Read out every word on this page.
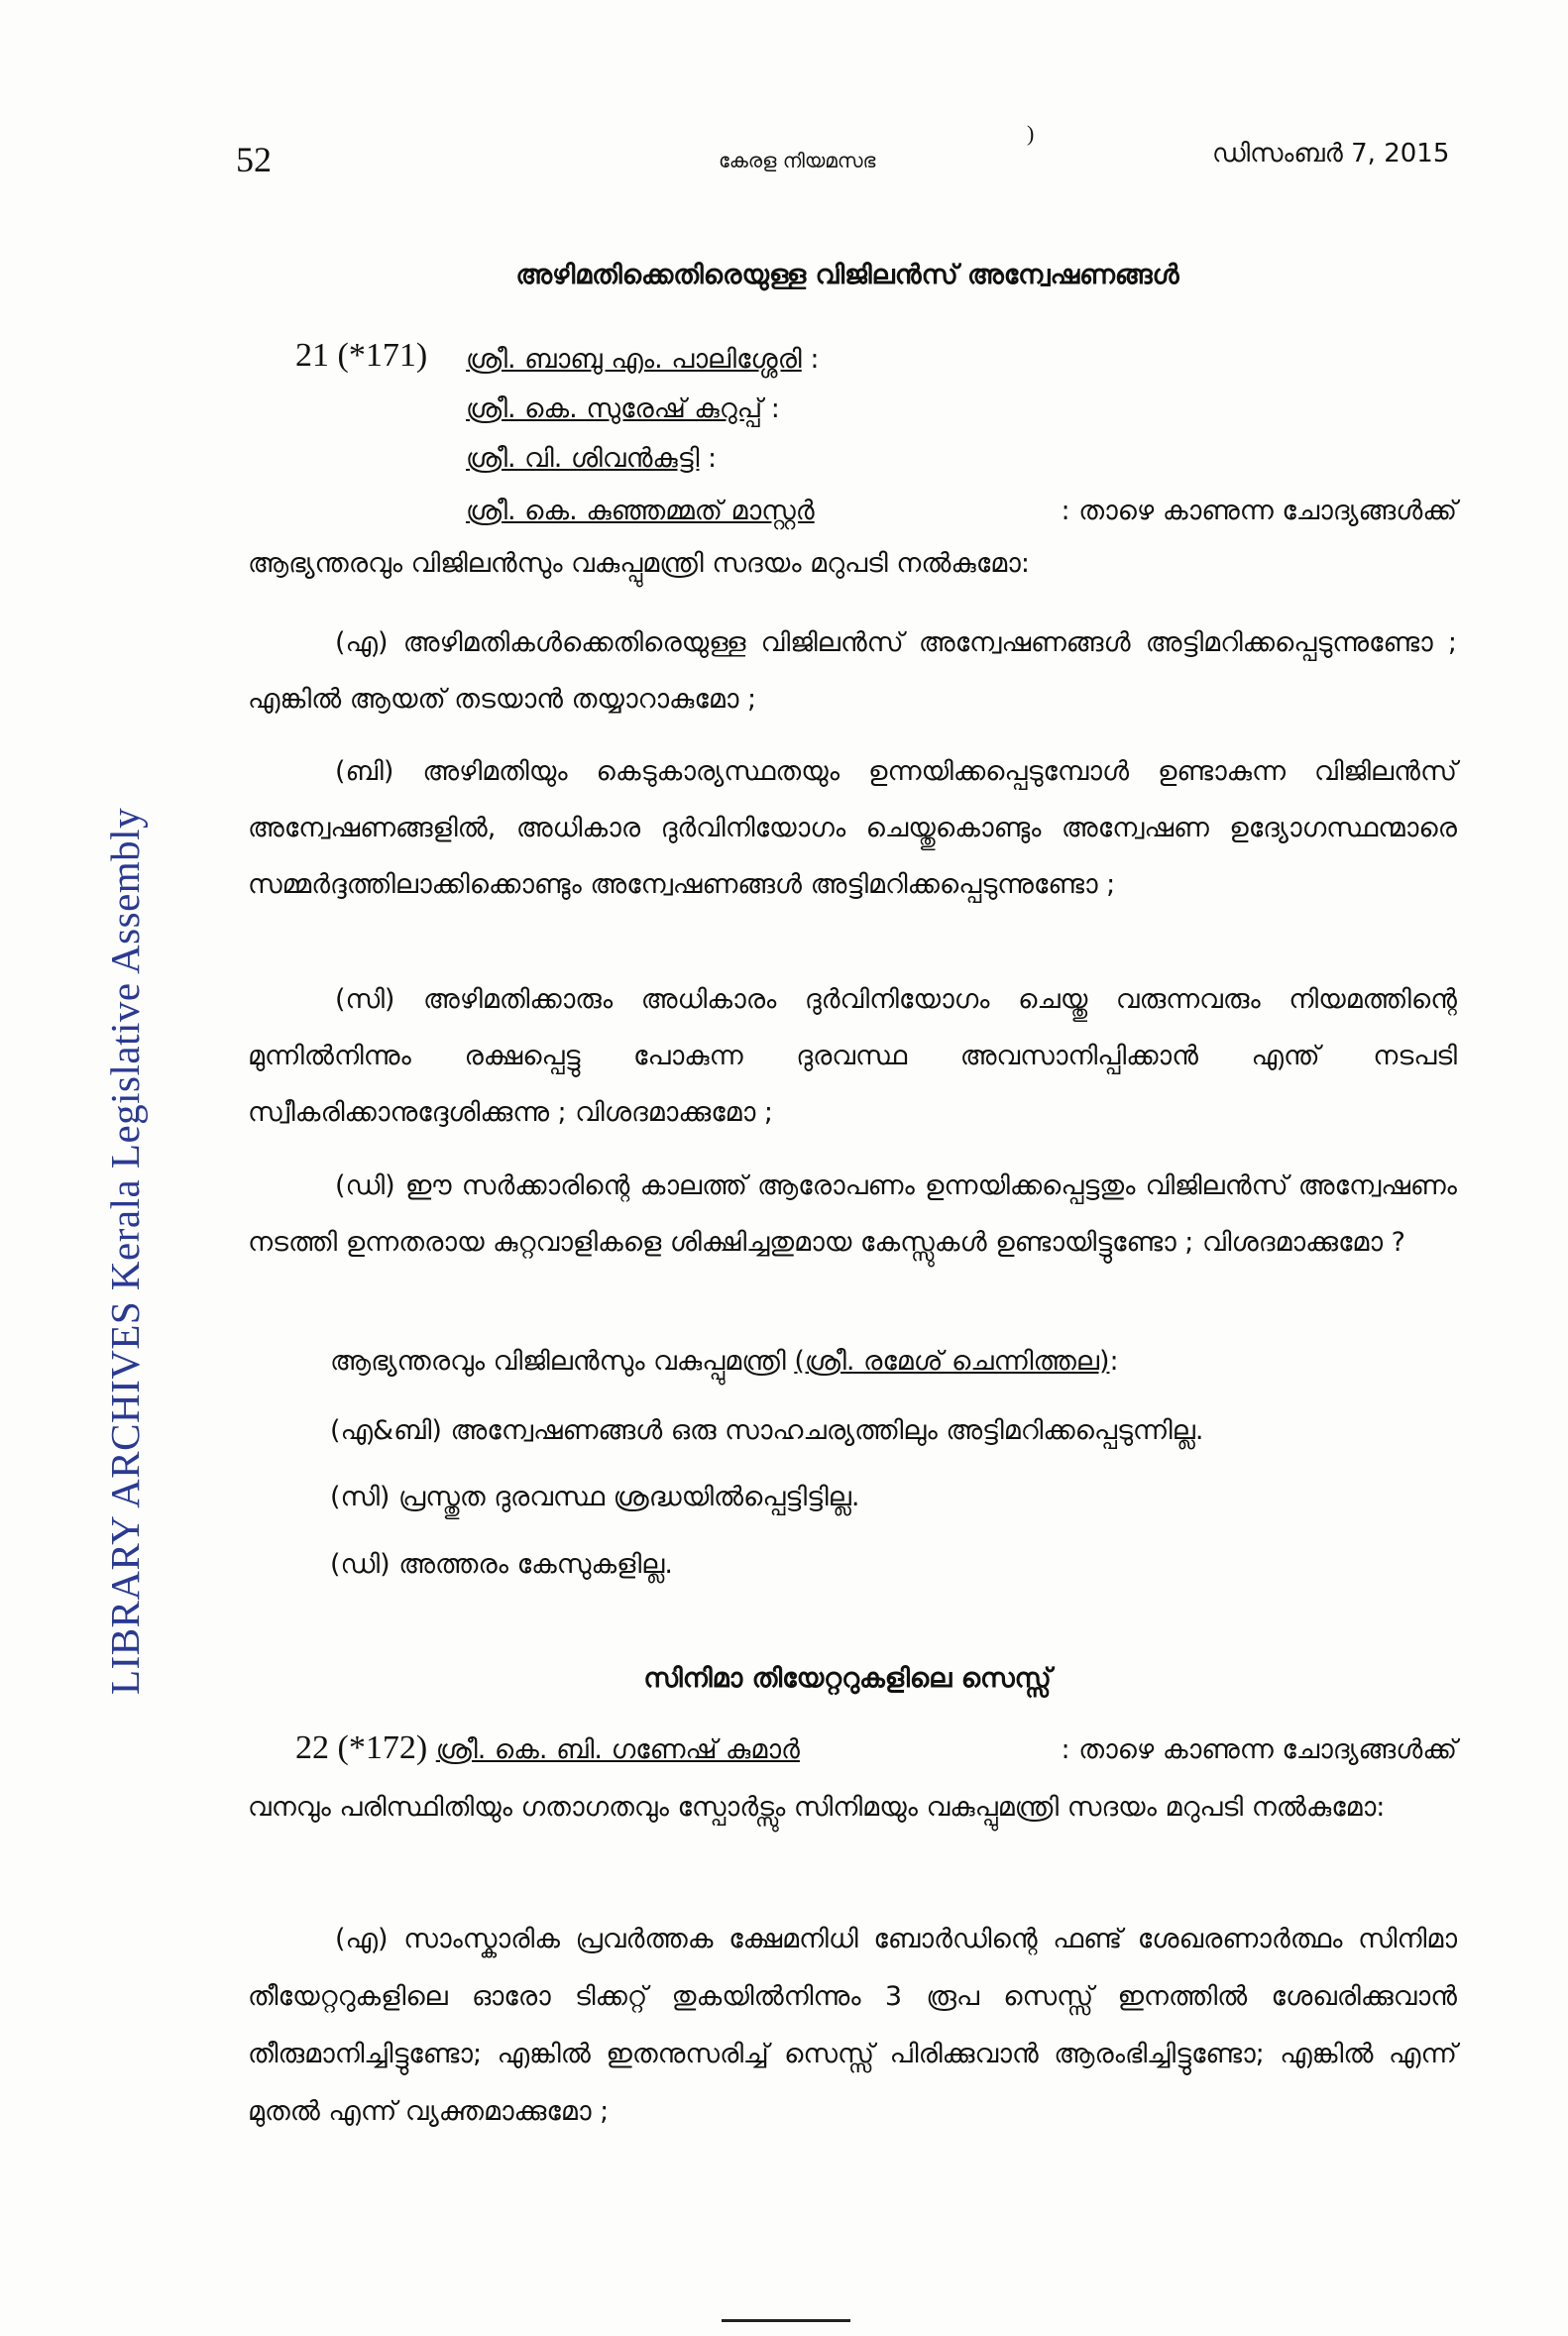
LIBRARY ARCHIVES Kerala Legislative Assembly
52	കേരള നിയമസഭ	ഡിസംബർ 7, 2015
)
അഴിമതിക്കെതിരെയുള്ള വിജിലൻസ് അന്വേഷണങ്ങൾ
21 (*171) ശ്രീ. ബാബു എം. പാലിശ്ശേരി :
ശ്രീ. കെ. സുരേഷ് കുറുപ്പ് :
ശ്രീ. വി. ശിവൻകുട്ടി :
ശ്രീ. കെ. കുഞ്ഞമ്മത് മാസ്റ്റർ	: താഴെ കാണുന്ന ചോദ്യങ്ങൾക്ക്
ആഭ്യന്തരവും വിജിലൻസും വകുപ്പുമന്ത്രി സദയം മറുപടി നൽകുമോ:
(എ) അഴിമതികൾക്കെതിരെയുള്ള വിജിലൻസ് അന്വേഷണങ്ങൾ അട്ടിമറിക്കപ്പെടുന്നുണ്ടോ ; എങ്കിൽ ആയത് തടയാൻ തയ്യാറാകുമോ ;
(ബി) അഴിമതിയും കെടുകാര്യസ്ഥതയും ഉന്നയിക്കപ്പെടുമ്പോൾ ഉണ്ടാകുന്ന വിജിലൻസ് അന്വേഷണങ്ങളിൽ, അധികാര ദുർവിനിയോഗം ചെയ്തുകൊണ്ടും അന്വേഷണ ഉദ്യോഗസ്ഥന്മാരെ സമ്മർദ്ദത്തിലാക്കിക്കൊണ്ടും അന്വേഷണങ്ങൾ അട്ടിമറിക്കപ്പെടുന്നുണ്ടോ ;
(സി) അഴിമതിക്കാരും അധികാരം ദുർവിനിയോഗം ചെയ്തു വരുന്നവരും നിയമത്തിന്റെ മുന്നിൽനിന്നും രക്ഷപ്പെട്ടു പോകുന്ന ദുരവസ്ഥ അവസാനിപ്പിക്കാൻ എന്ത് നടപടി സ്വീകരിക്കാനുദ്ദേശിക്കുന്നു ; വിശദമാക്കുമോ ;
(ഡി) ഈ സർക്കാരിന്റെ കാലത്ത് ആരോപണം ഉന്നയിക്കപ്പെട്ടതും വിജിലൻസ് അന്വേഷണം നടത്തി ഉന്നതരായ കുറ്റവാളികളെ ശിക്ഷിച്ചതുമായ കേസ്സുകൾ ഉണ്ടായിട്ടുണ്ടോ ; വിശദമാക്കുമോ ?
ആഭ്യന്തരവും വിജിലൻസും വകുപ്പുമന്ത്രി (ശ്രീ. രമേശ് ചെന്നിത്തല):
(എ&ബി) അന്വേഷണങ്ങൾ ഒരു സാഹചര്യത്തിലും അട്ടിമറിക്കപ്പെടുന്നില്ല.
(സി) പ്രസ്തുത ദുരവസ്ഥ ശ്രദ്ധയിൽപ്പെട്ടിട്ടില്ല.
(ഡി) അത്തരം കേസുകളില്ല.
സിനിമാ തിയേറ്ററുകളിലെ സെസ്സ്
22 (*172) ശ്രീ. കെ. ബി. ഗണേഷ് കുമാർ	: താഴെ കാണുന്ന ചോദ്യങ്ങൾക്ക്
വനവും പരിസ്ഥിതിയും ഗതാഗതവും സ്പോർട്സും സിനിമയും വകുപ്പുമന്ത്രി സദയം മറുപടി നൽകുമോ:
(എ) സാംസ്കാരിക പ്രവർത്തക ക്ഷേമനിധി ബോർഡിന്റെ ഫണ്ട് ശേഖരണാർത്ഥം സിനിമാ തീയേറ്ററുകളിലെ ഓരോ ടിക്കറ്റ് തുകയിൽനിന്നും 3 രൂപ സെസ്സ് ഇനത്തിൽ ശേഖരിക്കുവാൻ തീരുമാനിച്ചിട്ടുണ്ടോ; എങ്കിൽ ഇതനുസരിച്ച് സെസ്സ് പിരിക്കുവാൻ ആരംഭിച്ചിട്ടുണ്ടോ; എങ്കിൽ എന്ന് മുതൽ എന്ന് വ്യക്തമാക്കുമോ ;
